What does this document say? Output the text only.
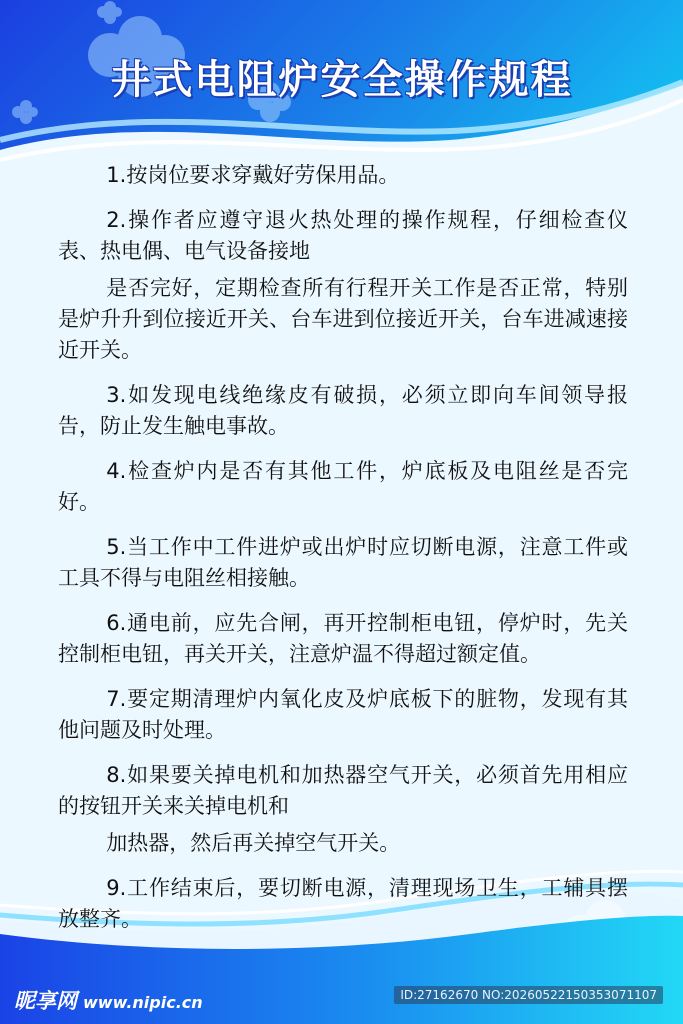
井式电阻炉安全操作规程

1.按岗位要求穿戴好劳保用品。

2.操作者应遵守退火热处理的操作规程，仔细检查仪表、热电偶、电气设备接地

是否完好，定期检查所有行程开关工作是否正常，特别是炉升升到位接近开关、台车进到位接近开关，台车进减速接近开关。

3.如发现电线绝缘皮有破损，必须立即向车间领导报告，防止发生触电事故。

4.检查炉内是否有其他工件，炉底板及电阻丝是否完好。

5.当工作中工件进炉或出炉时应切断电源，注意工件或工具不得与电阻丝相接触。

6.通电前，应先合闸，再开控制柜电钮，停炉时，先关控制柜电钮，再关开关，注意炉温不得超过额定值。

7.要定期清理炉内氧化皮及炉底板下的脏物，发现有其他问题及时处理。

8.如果要关掉电机和加热器空气开关，必须首先用相应的按钮开关来关掉电机和

加热器，然后再关掉空气开关。

9.工作结束后，要切断电源，清理现场卫生，工辅具摆放整齐。

昵享网 www.nipic.cn	ID:27162670 NO:20260522150353071107
